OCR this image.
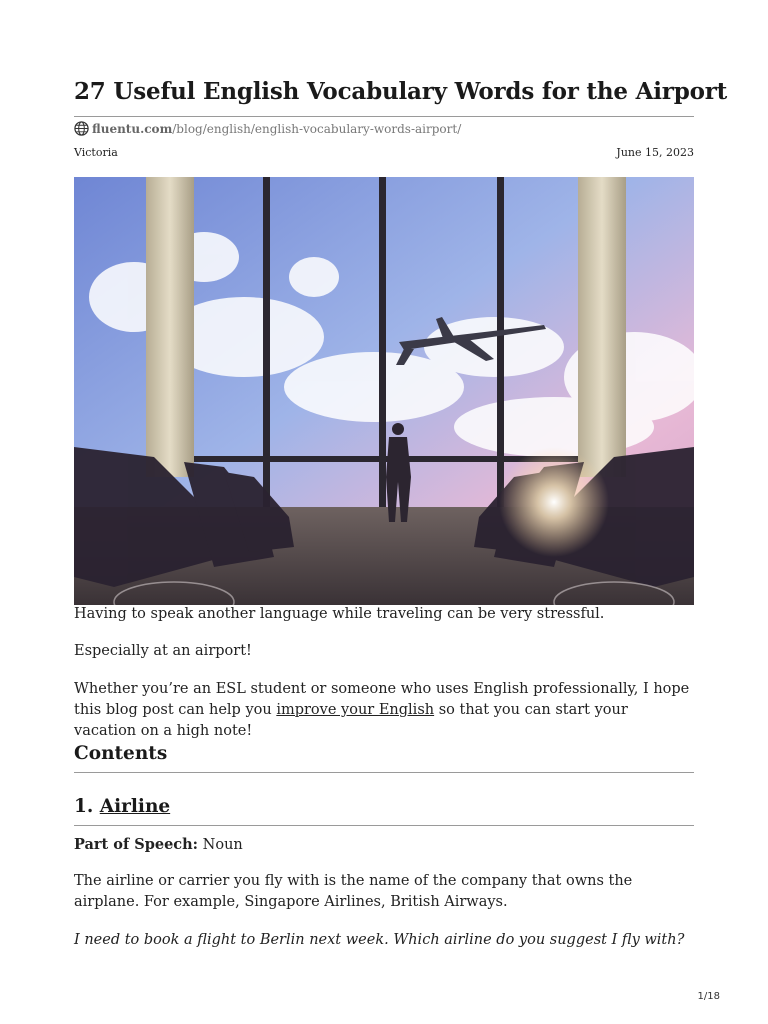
27 Useful English Vocabulary Words for the Airport
fluentu.com /blog/english/english-vocabulary-words-airport/
Victoria	June 15, 2023

Having to speak another language while traveling can be very stressful.

Especially at an airport!

Whether you’re an ESL student or someone who uses English professionally, I hope this blog post can help you improve your English so that you can start your vacation on a high note!

Contents
1. Airline

Part of Speech: Noun

The airline or carrier you fly with is the name of the company that owns the airplane. For example, Singapore Airlines, British Airways.

I need to book a flight to Berlin next week. Which airline do you suggest I fly with?

1/18
